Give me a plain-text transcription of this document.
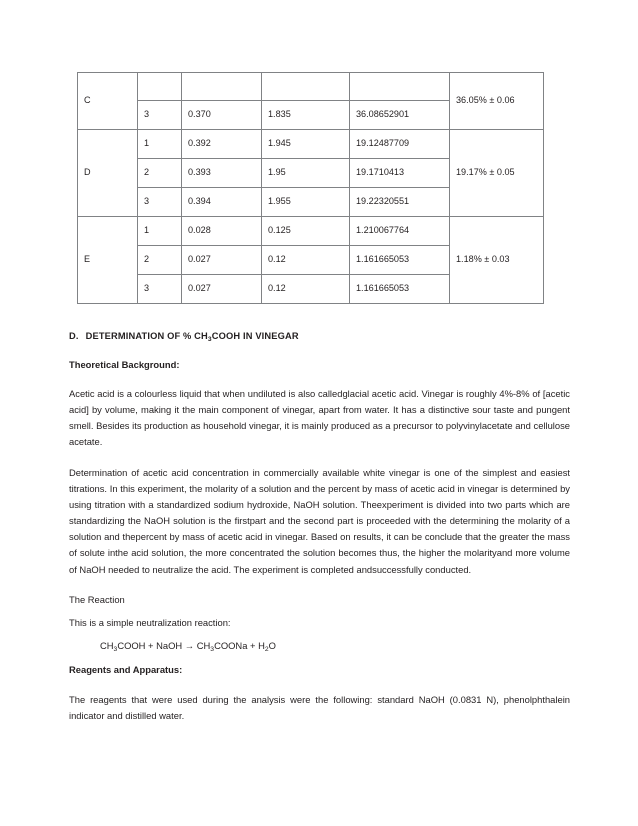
C					36.05% ± 0.06
	3	0.370	1.835	36.08652901	
D	1	0.392	1.945	19.12487709	19.17% ± 0.05
	2	0.393	1.95	19.1710413	
	3	0.394	1.955	19.22320551	
E	1	0.028	0.125	1.210067764	1.18% ± 0.03
	2	0.027	0.12	1.161665053	
	3	0.027	0.12	1.161665053	
D. DETERMINATION OF % $CH_3COOH$ IN VINEGAR
Theoretical Background:

Acetic acid is a colourless liquid that when undiluted is also calledglacial acetic acid. Vinegar is roughly 4%-8% of [acetic acid] by volume, making it the main component of vinegar, apart from water. It has a distinctive sour taste and pungent smell. Besides its production as household vinegar, it is mainly produced as a precursor to polyvinylacetate and cellulose acetate.

Determination of acetic acid concentration in commercially available white vinegar is one of the simplest and easiest titrations. In this experiment, the molarity of a solution and the percent by mass of acetic acid in vinegar is determined by using titration with a standardized sodium hydroxide, NaOH solution. Theexperiment is divided into two parts which are standardizing the NaOH solution is the firstpart and the second part is proceeded with the determining the molarity of a solution and thepercent by mass of acetic acid in vinegar. Based on results, it can be conclude that the greater the mass of solute inthe acid solution, the more concentrated the solution becomes thus, the higher the molarityand more volume of NaOH needed to neutralize the acid. The experiment is completed andsuccessfully conducted.

The Reaction

This is a simple neutralization reaction:

$CH_3COOH$ + NaOH → $CH_3COONa + H_2O$

Reagents and Apparatus:

The reagents that were used during the analysis were the following: standard NaOH (0.0831 N), phenolphthalein indicator and distilled water.
